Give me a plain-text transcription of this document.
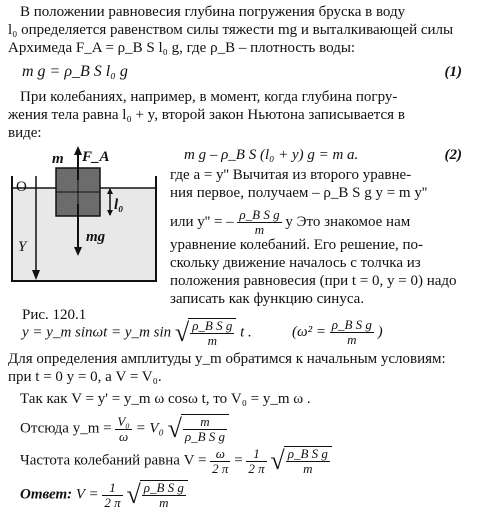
В положении равновесия глубина погружения бруска в воду
l₀ определяется равенством силы тяжести mg и выталкивающей силы
Архимеда F_A = ρ_B S l₀ g, где ρ_B – плотность воды:
m g = ρ_B S l₀ g	(1)
При колебаниях, например, в момент, когда глубина погру-
жения тела равна l₀ + y, второй закон Ньютона записывается в
виде:
m F_A
O
Y
l₀
mg
Рис. 120.1
m g – ρ_B S (l₀ + y) g = m a.	(2)
где a = y'' Вычитая из второго уравне-
ния первое, получаем – ρ_B S g y = m y''
или y'' = – $\frac{\text{ρ\_B S g}}{m}$ y Это знакомое нам
уравнение колебаний. Его решение, по-
скольку движение началось с толчка из
положения равновесия (при t = 0, y = 0) надо
записать как функцию синуса.
y = y_m sinωt = y_m sin √ $\frac{\text{ρ\_B S g}}{m}$ t .	($\omega^2 = \frac{\text{ρ\_B S g}}{m}$ )
Для определения амплитуды y_m обратимся к начальным условиям:
при t = 0 y = 0, а V = V₀.
Так как V = y' = y_m ω cosω t, то V₀ = y_m ω .
Отсюда y_m = $\frac{\text{V₀}}{\omega} = V_0$ √ $\frac{m}{\text{ρ\_B S g}}$
Частота колебаний равна $V = \frac{\omega}{2 \pi} = \frac{1}{2 \pi}$ √ $\frac{\text{ρ\_B S g}}{m}$
Ответ: $V = \frac{1}{2 \pi}$ √ $\frac{\text{ρ\_B S g}}{m}$
